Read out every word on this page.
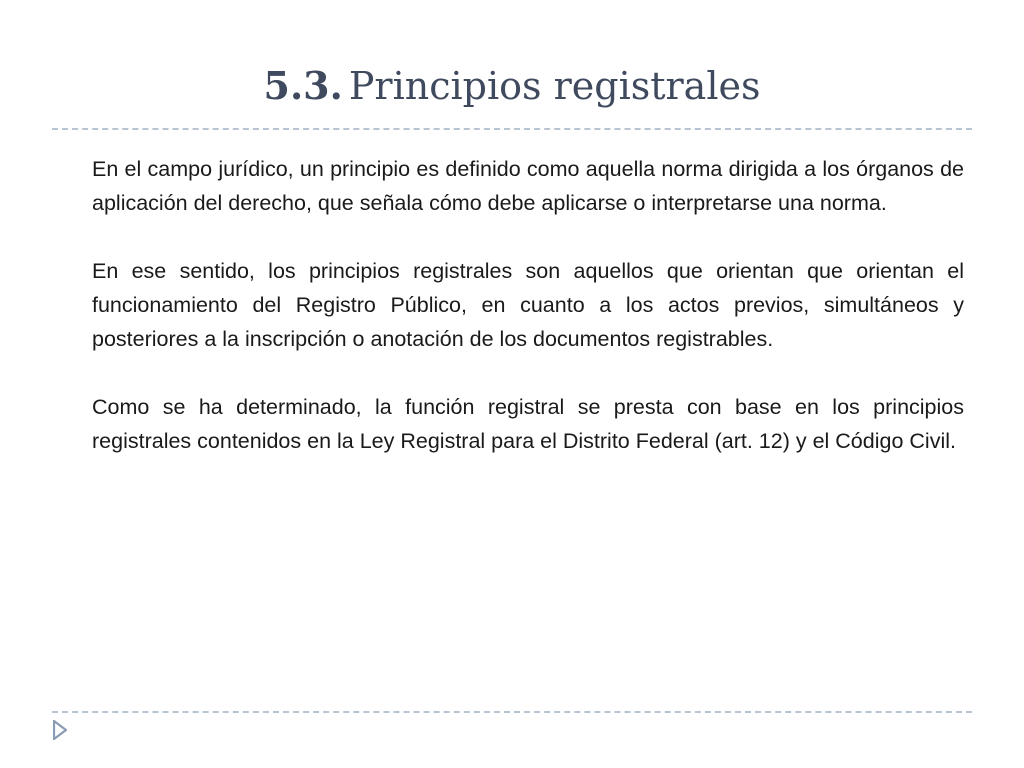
5.3. Principios registrales

En el campo jurídico, un principio es definido como aquella norma dirigida a los órganos de aplicación del derecho, que señala cómo debe aplicarse o interpretarse una norma.

En ese sentido, los principios registrales son aquellos que orientan que orientan el funcionamiento del Registro Público, en cuanto a los actos previos, simultáneos y posteriores a la inscripción o anotación de los documentos registrables.

Como se ha determinado, la función registral se presta con base en los principios registrales contenidos en la Ley Registral para el Distrito Federal (art. 12) y el Código Civil.
